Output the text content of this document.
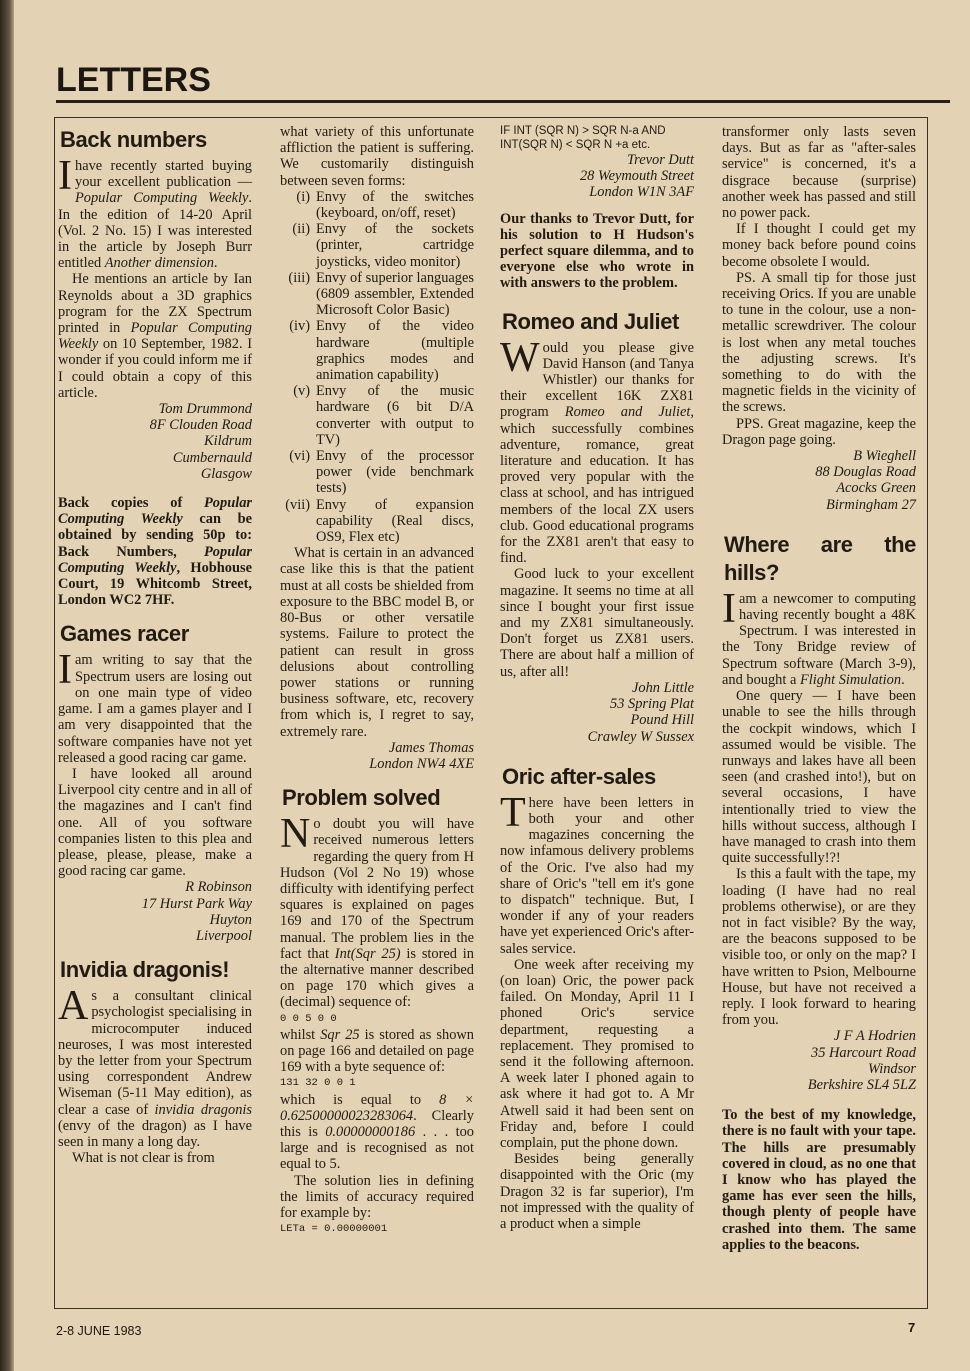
LETTERS
Back numbers

Ihave recently started buying your excellent publication — Popular Computing Weekly. In the edition of 14-20 April (Vol. 2 No. 15) I was interested in the article by Joseph Burr entitled Another dimension.

He mentions an article by Ian Reynolds about a 3D graphics program for the ZX Spectrum printed in Popular Computing Weekly on 10 September, 1982. I wonder if you could inform me if I could obtain a copy of this article.

Tom Drummond
8F Clouden Road
Kildrum
Cumbernauld
Glasgow

Back copies of Popular Computing Weekly can be obtained by sending 50p to: Back Numbers, Popular Computing Weekly, Hobhouse Court, 19 Whitcomb Street, London WC2 7HF.

Games racer

Iam writing to say that the Spectrum users are losing out on one main type of video game. I am a games player and I am very disappointed that the software companies have not yet released a good racing car game.

I have looked all around Liverpool city centre and in all of the magazines and I can't find one. All of you software companies listen to this plea and please, please, please, make a good racing car game.

R Robinson
17 Hurst Park Way
Huyton
Liverpool
Invidia dragonis!

As a consultant clinical psychologist specialising in microcomputer induced neuroses, I was most interested by the letter from your Spectrum using correspondent Andrew Wiseman (5-11 May edition), as clear a case of invidia dragonis (envy of the dragon) as I have seen in many a long day.

What is not clear is from

what variety of this unfortunate affliction the patient is suffering. We customarily distinguish between seven forms:

(i) Envy of the switches (keyboard, on/off, reset)
(ii) Envy of the sockets (printer, cartridge joysticks, video monitor)
(iii) Envy of superior languages (6809 assembler, Extended Microsoft Color Basic)
(iv) Envy of the video hardware (multiple graphics modes and animation capability)
(v) Envy of the music hardware (6 bit D/A converter with output to TV)
(vi) Envy of the processor power (vide benchmark tests)
(vii) Envy of expansion capability (Real discs, OS9, Flex etc)

What is certain in an advanced case like this is that the patient must at all costs be shielded from exposure to the BBC model B, or 80-Bus or other versatile systems. Failure to protect the patient can result in gross delusions about controlling power stations or running business software, etc, recovery from which is, I regret to say, extremely rare.

James Thomas
London NW4 4XE
Problem solved

No doubt you will have received numerous letters regarding the query from H Hudson (Vol 2 No 19) whose difficulty with identifying perfect squares is explained on pages 169 and 170 of the Spectrum manual. The problem lies in the fact that Int(Sqr 25) is stored in the alternative manner described on page 170 which gives a (decimal) sequence of:

0 0 5 0 0

whilst Sqr 25 is stored as shown on page 166 and detailed on page 169 with a byte sequence of:

131 32 0 0 1

which is equal to 8 × 0.62500000023283064. Clearly this is 0.00000000186 . . . too large and is recognised as not equal to 5.

The solution lies in defining the limits of accuracy required for example by:

LETa = 0.00000001
IF INT (SQR N) > SQR N-a AND INT(SQR N) < SQR N +a etc.
Trevor Dutt
28 Weymouth Street
London W1N 3AF

Our thanks to Trevor Dutt, for his solution to H Hudson's perfect square dilemma, and to everyone else who wrote in with answers to the problem.

Romeo and Juliet

Would you please give David Hanson (and Tanya Whistler) our thanks for their excellent 16K ZX81 program Romeo and Juliet, which successfully combines adventure, romance, great literature and education. It has proved very popular with the class at school, and has intrigued members of the local ZX users club. Good educational programs for the ZX81 aren't that easy to find.

Good luck to your excellent magazine. It seems no time at all since I bought your first issue and my ZX81 simultaneously. Don't forget us ZX81 users. There are about half a million of us, after all!

John Little
53 Spring Plat
Pound Hill
Crawley W Sussex
Oric after-sales

There have been letters in both your and other magazines concerning the now infamous delivery problems of the Oric. I've also had my share of Oric's "tell em it's gone to dispatch" technique. But, I wonder if any of your readers have yet experienced Oric's after-sales service.

One week after receiving my (on loan) Oric, the power pack failed. On Monday, April 11 I phoned Oric's service department, requesting a replacement. They promised to send it the following afternoon. A week later I phoned again to ask where it had got to. A Mr Atwell said it had been sent on Friday and, before I could complain, put the phone down.

Besides being generally disappointed with the Oric (my Dragon 32 is far superior), I'm not impressed with the quality of a product when a simple

transformer only lasts seven days. But as far as "after-sales service" is concerned, it's a disgrace because (surprise) another week has passed and still no power pack.

If I thought I could get my money back before pound coins become obsolete I would.

PS. A small tip for those just receiving Orics. If you are unable to tune in the colour, use a non-metallic screwdriver. The colour is lost when any metal touches the adjusting screws. It's something to do with the magnetic fields in the vicinity of the screws.

PPS. Great magazine, keep the Dragon page going.

B Wieghell
88 Douglas Road
Acocks Green
Birmingham 27
Where are the hills?

Iam a newcomer to computing having recently bought a 48K Spectrum. I was interested in the Tony Bridge review of Spectrum software (March 3-9), and bought a Flight Simulation.

One query — I have been unable to see the hills through the cockpit windows, which I assumed would be visible. The runways and lakes have all been seen (and crashed into!), but on several occasions, I have intentionally tried to view the hills without success, although I have managed to crash into them quite successfully!?!

Is this a fault with the tape, my loading (I have had no real problems otherwise), or are they not in fact visible? By the way, are the beacons supposed to be visible too, or only on the map? I have written to Psion, Melbourne House, but have not received a reply. I look forward to hearing from you.

J F A Hodrien
35 Harcourt Road
Windsor
Berkshire SL4 5LZ

To the best of my knowledge, there is no fault with your tape. The hills are presumably covered in cloud, as no one that I know who has played the game has ever seen the hills, though plenty of people have crashed into them. The same applies to the beacons.

2-8 JUNE 1983	7
